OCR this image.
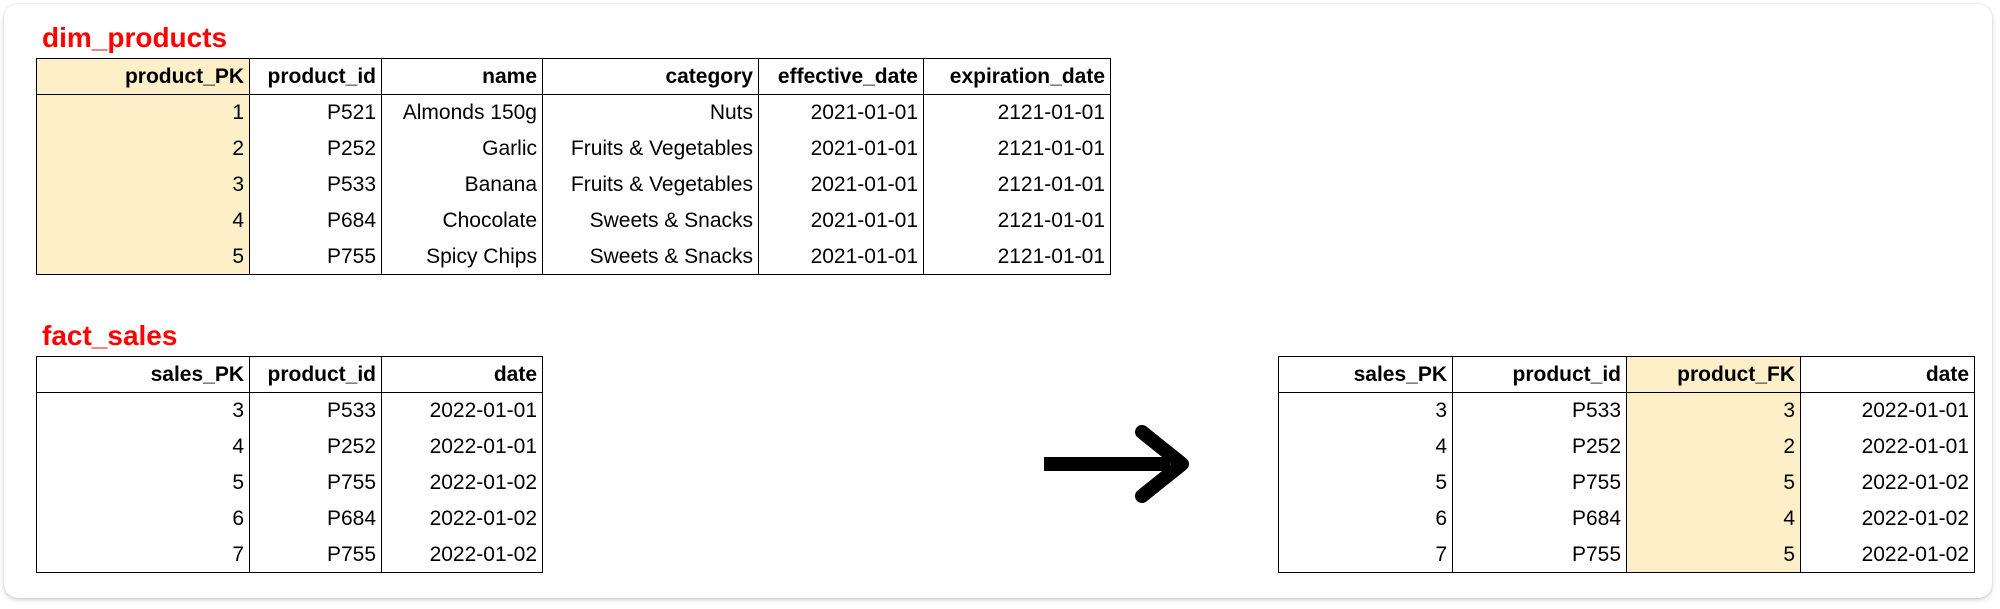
dim_products
product_PK	product_id	name	category	effective_date	expiration_date
1	P521	Almonds 150g	Nuts	2021-01-01	2121-01-01
2	P252	Garlic	Fruits & Vegetables	2021-01-01	2121-01-01
3	P533	Banana	Fruits & Vegetables	2021-01-01	2121-01-01
4	P684	Chocolate	Sweets & Snacks	2021-01-01	2121-01-01
5	P755	Spicy Chips	Sweets & Snacks	2021-01-01	2121-01-01
fact_sales
sales_PK	product_id	date
3	P533	2022-01-01
4	P252	2022-01-01
5	P755	2022-01-02
6	P684	2022-01-02
7	P755	2022-01-02
sales_PK	product_id	product_FK	date
3	P533	3	2022-01-01
4	P252	2	2022-01-01
5	P755	5	2022-01-02
6	P684	4	2022-01-02
7	P755	5	2022-01-02
